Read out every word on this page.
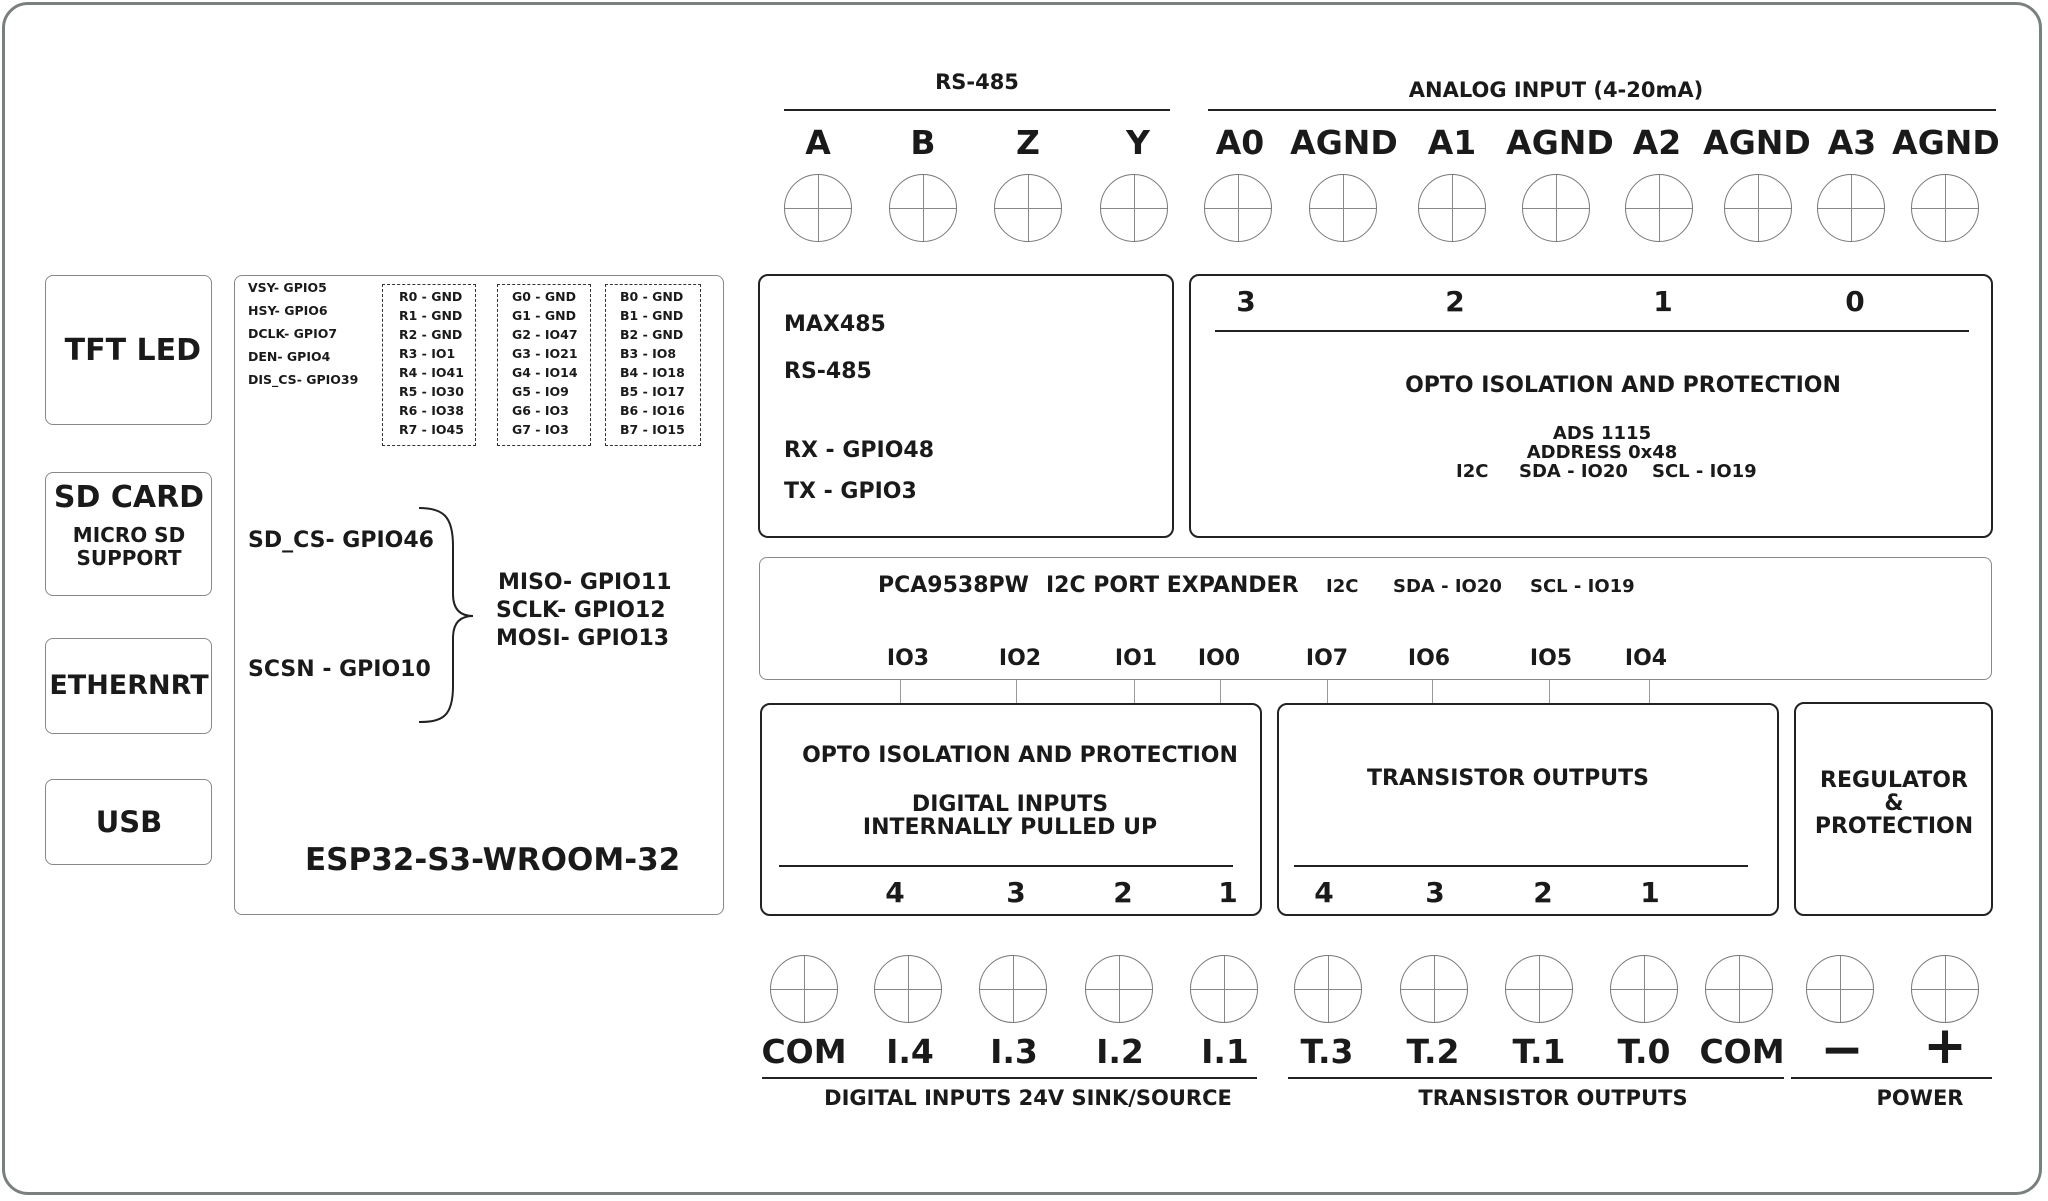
RS-485	ANALOG INPUT (4-20mA)
A B Z	Y A0 AGND A1 AGND A2 AGND A3 AGND
TFT LED
SD CARD
MICRO SD
SUPPORT
ETHERNRT
USB
VSY- GPIO5
HSY- GPIO6
DCLK- GPIO7
DEN- GPIO4
DIS_CS- GPIO39
R0 - GND
R1 - GND
R2 - GND
R3 - IO1
R4 - IO41
R5 - IO30
R6 - IO38
R7 - IO45
G0 - GND
G1 - GND
G2 - IO47
G3 - IO21
G4 - IO14
G5 - IO9
G6 - IO3
G7 - IO3
B0 - GND
B1 - GND
B2 - GND
B3 - IO8
B4 - IO18
B5 - IO17
B6 - IO16
B7 - IO15
SD_CS- GPIO46
SCSN - GPIO10
MISO- GPIO11
SCLK- GPIO12
MOSI- GPIO13
ESP32-S3-WROOM-32
MAX485
RS-485
RX - GPIO48
TX - GPIO3
3	2	1	0
OPTO ISOLATION AND PROTECTION
ADS 1115
ADDRESS 0x48
I2C SDA - IO20 SCL - IO19
PCA9538PW I2C PORT EXPANDER I2C SDA - IO20 SCL - IO19
IO3	IO2	IO1 IO0	IO7	IO6	IO5 IO4
OPTO ISOLATION AND PROTECTION
DIGITAL INPUTS
INTERNALLY PULLED UP
4	3	2	1
TRANSISTOR OUTPUTS
4	3	2	1
REGULATOR
&
PROTECTION
COM I.4 I.3 I.2 I.1 T.3 T.2 T.1 T.0 COM − +
DIGITAL INPUTS 24V SINK/SOURCE	TRANSISTOR OUTPUTS	POWER
